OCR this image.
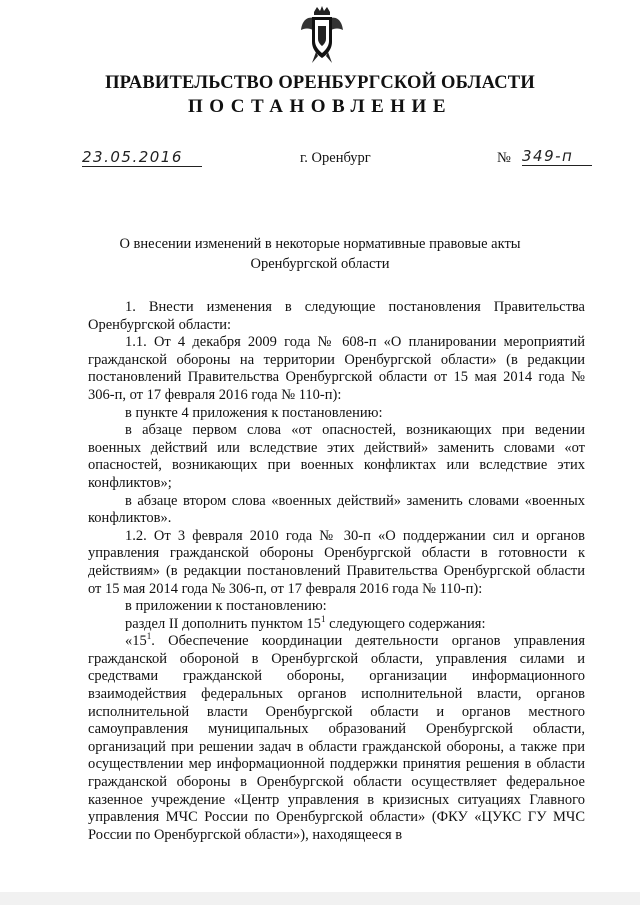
ПРАВИТЕЛЬСТВО ОРЕНБУРГСКОЙ ОБЛАСТИ
ПОСТАНОВЛЕНИЕ
23.05.2016	г. Оренбург	№ 349-п
О внесении изменений в некоторые нормативные правовые акты
Оренбургской области

1. Внести изменения в следующие постановления Правительства Оренбургской области:

1.1. От 4 декабря 2009 года № 608-п «О планировании мероприятий гражданской обороны на территории Оренбургской области» (в редакции постановлений Правительства Оренбургской области от 15 мая 2014 года № 306-п, от 17 февраля 2016 года № 110-п):

в пункте 4 приложения к постановлению:

в абзаце первом слова «от опасностей, возникающих при ведении военных действий или вследствие этих действий» заменить словами «от опасностей, возникающих при военных конфликтах или вследствие этих конфликтов»;

в абзаце втором слова «военных действий» заменить словами «военных конфликтов».

1.2. От 3 февраля 2010 года № 30-п «О поддержании сил и органов управления гражданской обороны Оренбургской области в готовности к действиям» (в редакции постановлений Правительства Оренбургской области от 15 мая 2014 года № 306-п, от 17 февраля 2016 года № 110-п):

в приложении к постановлению:

раздел II дополнить пунктом $15^1$ следующего содержания:

«$15^1$. Обеспечение координации деятельности органов управления гражданской обороной в Оренбургской области, управления силами и средствами гражданской обороны, организации информационного взаимодействия федеральных органов исполнительной власти, органов исполнительной власти Оренбургской области и органов местного самоуправления муниципальных образований Оренбургской области, организаций при решении задач в области гражданской обороны, а также при осуществлении мер информационной поддержки принятия решения в области гражданской обороны в Оренбургской области осуществляет федеральное казенное учреждение «Центр управления в кризисных ситуациях Главного управления МЧС России по Оренбургской области» (ФКУ «ЦУКС ГУ МЧС России по Оренбургской области»), находящееся в
